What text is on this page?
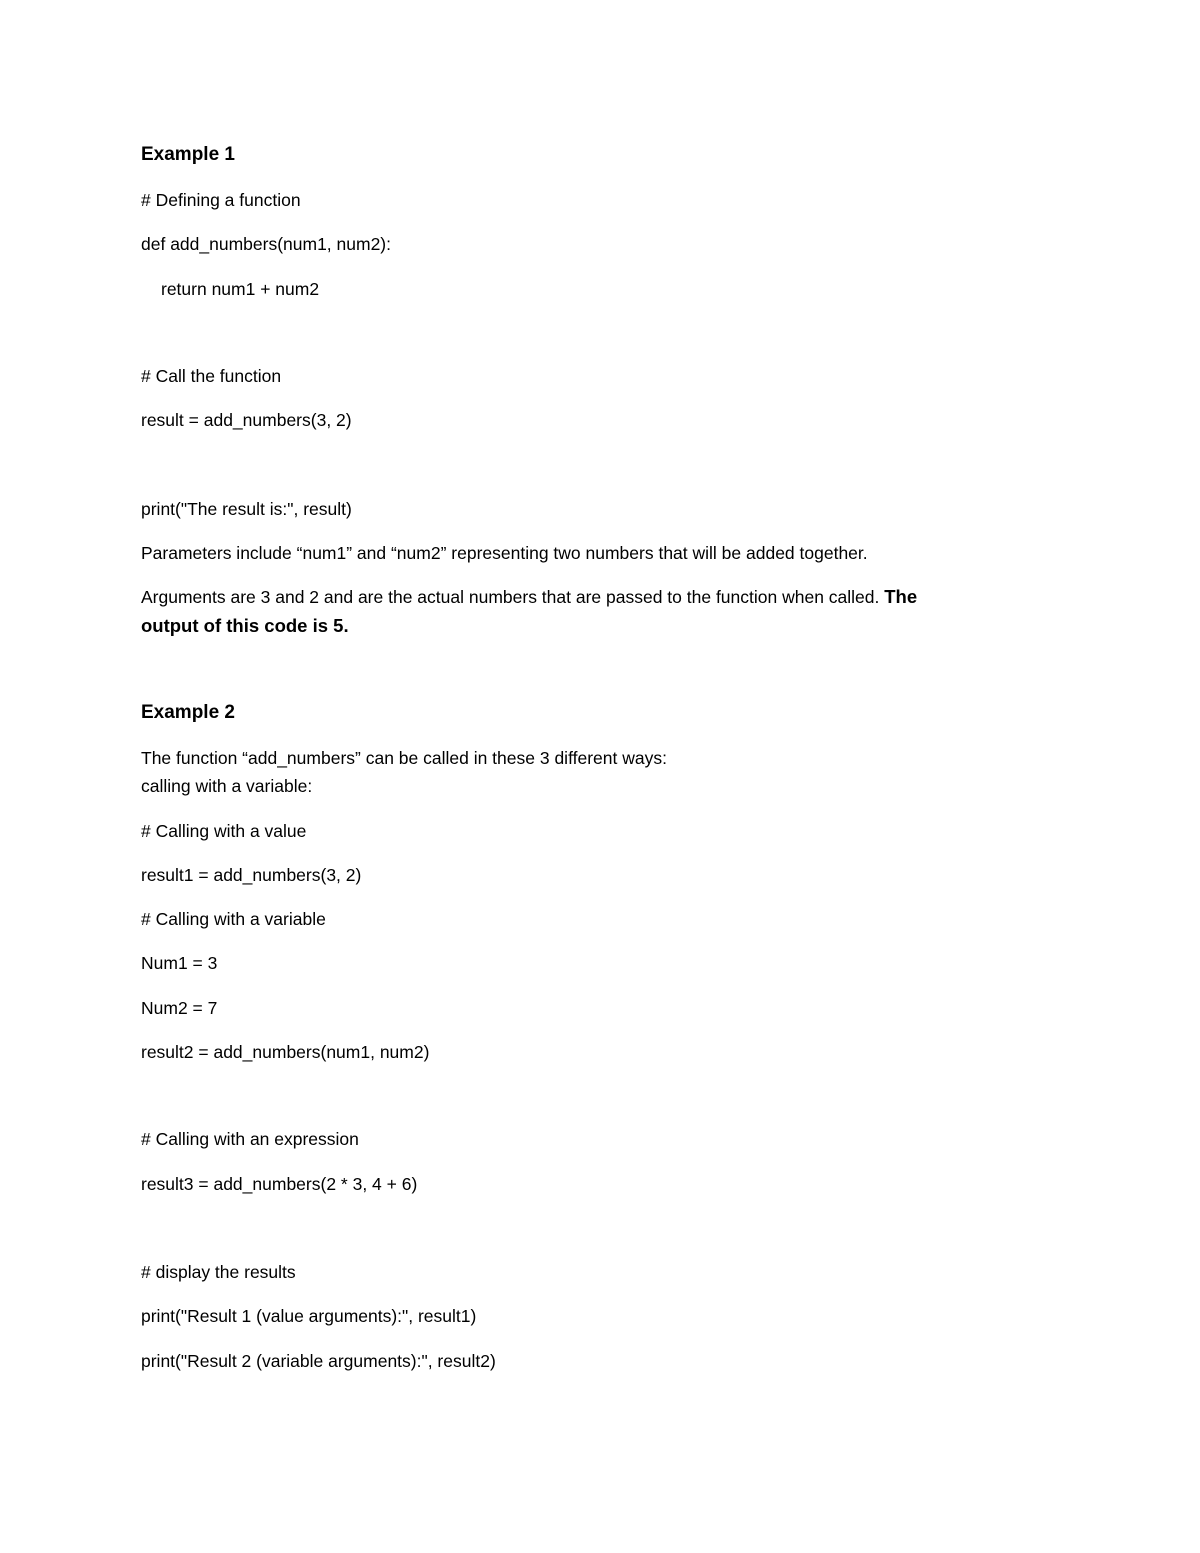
Example 1
# Defining a function
def add_numbers(num1, num2):
return num1 + num2
# Call the function
result = add_numbers(3, 2)
print("The result is:", result)
Parameters include “num1” and “num2” representing two numbers that will be added together.
Arguments are 3 and 2 and are the actual numbers that are passed to the function when called. The
output of this code is 5.
Example 2
The function “add_numbers” can be called in these 3 different ways:
calling with a variable:
# Calling with a value
result1 = add_numbers(3, 2)
# Calling with a variable
Num1 = 3
Num2 = 7
result2 = add_numbers(num1, num2)
# Calling with an expression
result3 = add_numbers(2 * 3, 4 + 6)
# display the results
print("Result 1 (value arguments):", result1)
print("Result 2 (variable arguments):", result2)
